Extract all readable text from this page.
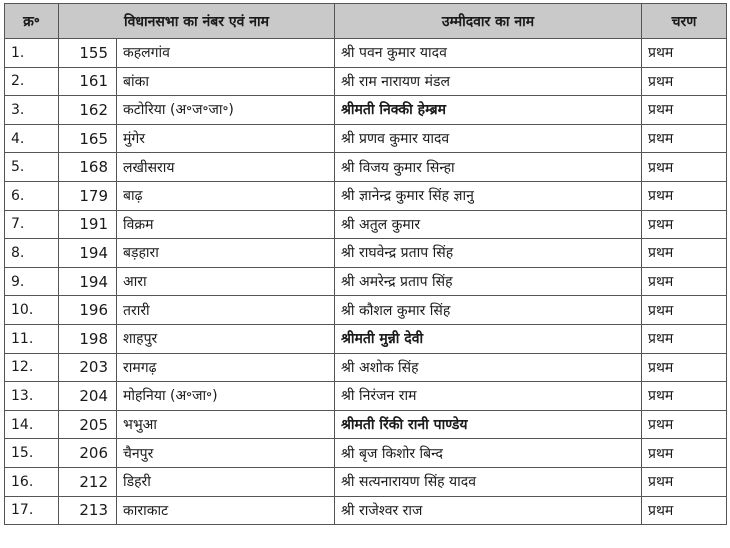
क्र॰	विधानसभा का नंबर एवं नाम		उम्मीदवार का नाम	चरण
1.	155	कहलगांव	श्री पवन कुमार यादव	प्रथम
2.	161	बांका	श्री राम नारायण मंडल	प्रथम
3.	162	कटोरिया (अ॰ज॰जा॰)	श्रीमती निक्की हेम्ब्रम	प्रथम
4.	165	मुंगेर	श्री प्रणव कुमार यादव	प्रथम
5.	168	लखीसराय	श्री विजय कुमार सिन्हा	प्रथम
6.	179	बाढ़	श्री ज्ञानेन्द्र कुमार सिंह ज्ञानु	प्रथम
7.	191	विक्रम	श्री अतुल कुमार	प्रथम
8.	194	बड़हारा	श्री राघवेन्द्र प्रताप सिंह	प्रथम
9.	194	आरा	श्री अमरेन्द्र प्रताप सिंह	प्रथम
10.	196	तरारी	श्री कौशल कुमार सिंह	प्रथम
11.	198	शाहपुर	श्रीमती मुन्नी देवी	प्रथम
12.	203	रामगढ़	श्री अशोक सिंह	प्रथम
13.	204	मोहनिया (अ॰जा॰)	श्री निरंजन राम	प्रथम
14.	205	भभुआ	श्रीमती रिंकी रानी पाण्डेय	प्रथम
15.	206	चैनपुर	श्री बृज किशोर बिन्द	प्रथम
16.	212	डिहरी	श्री सत्यनारायण सिंह यादव	प्रथम
17.	213	काराकाट	श्री राजेश्वर राज	प्रथम
